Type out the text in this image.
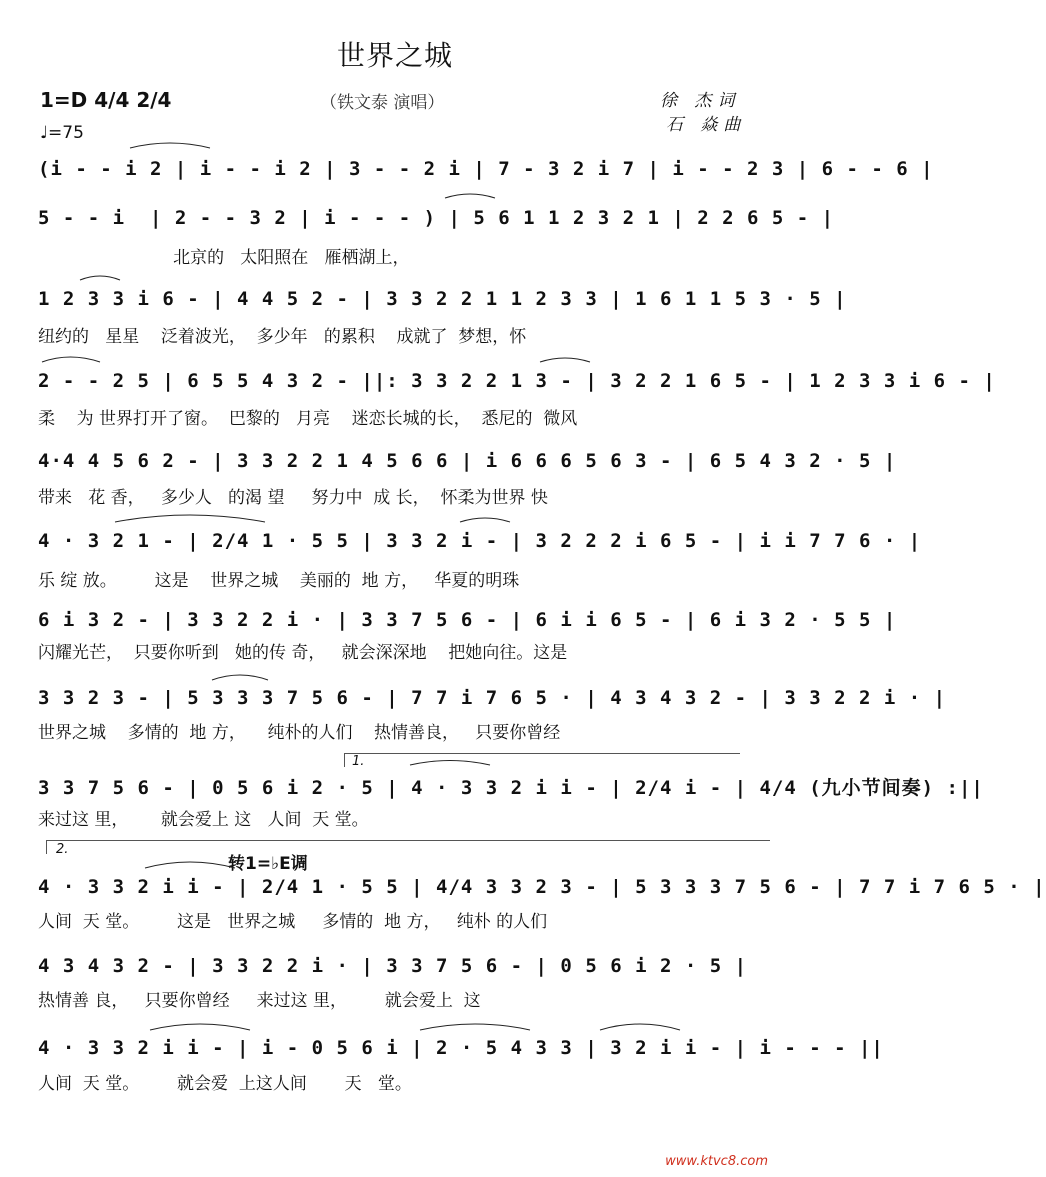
世界之城
1=D 4/4 2/4	（铁文泰 演唱）	徐 杰词
石 焱曲
♩=75
(i - - i 2 | i - - i 2 | 3 - - 2 i | 7 - 3 2 i 7 | i - - 2 3 | 6 - - 6 |
5 - - i  | 2 - - 3 2 | i - - - ) | 5 6 1 1 2 3 2 1 | 2 2 6 5 - |
北京的   太阳照在   雁栖湖上，
1 2 3 3 i 6 - | 4 4 5 2 - | 3 3 2 2 1 1 2 3 3 | 1 6 1 1 5 3 · 5 |
纽约的   星星    泛着波光，  多少年   的累积    成就了  梦想，怀
2 - - 2 5 | 6 5 5 4 3 2 - ||: 3 3 2 2 1 3 - | 3 2 2 1 6 5 - | 1 2 3 3 i 6 - |
柔    为 世界打开了窗。  巴黎的   月亮    迷恋长城的长，  悉尼的  微风
4·4 4 5 6 2 - | 3 3 2 2 1 4 5 6 6 | i 6 6 6 5 6 3 - | 6 5 4 3 2 · 5 |
带来   花 香，   多少人   的渴 望     努力中  成 长，  怀柔为世界 快
4 · 3 2 1 - | 2/4 1 · 5 5 | 3 3 2 i - | 3 2 2 2 i 6 5 - | i i 7 7 6 · |
乐 绽 放。       这是    世界之城    美丽的  地 方，   华夏的明珠
6 i 3 2 - | 3 3 2 2 i · | 3 3 7 5 6 - | 6 i i 6 5 - | 6 i 3 2 · 5 5 |
闪耀光芒，  只要你听到   她的传 奇，   就会深深地    把她向往。这是
3 3 2 3 - | 5 3 3 3 7 5 6 - | 7 7 i 7 6 5 · | 4 3 4 3 2 - | 3 3 2 2 i · |
世界之城    多情的  地 方，    纯朴的人们    热情善良，   只要你曾经
1.
3 3 7 5 6 - | 0 5 6 i 2 · 5 | 4 · 3 3 2 i i - | 2/4 i - | 4/4 (九小节间奏) :||
来过这 里，      就会爱上 这   人间  天 堂。
2.
转1=♭E调
4 · 3 3 2 i i - | 2/4 1 · 5 5 | 4/4 3 3 2 3 - | 5 3 3 3 7 5 6 - | 7 7 i 7 6 5 · |
人间  天 堂。       这是   世界之城     多情的  地 方，   纯朴 的人们
4 3 4 3 2 - | 3 3 2 2 i · | 3 3 7 5 6 - | 0 5 6 i 2 · 5 |
热情善 良，   只要你曾经     来过这 里，       就会爱上  这
4 · 3 3 2 i i - | i - 0 5 6 i | 2 · 5 4 3 3 | 3 2 i i - | i - - - ||
人间  天 堂。       就会爱  上这人间       天   堂。
www.ktvc8.com
